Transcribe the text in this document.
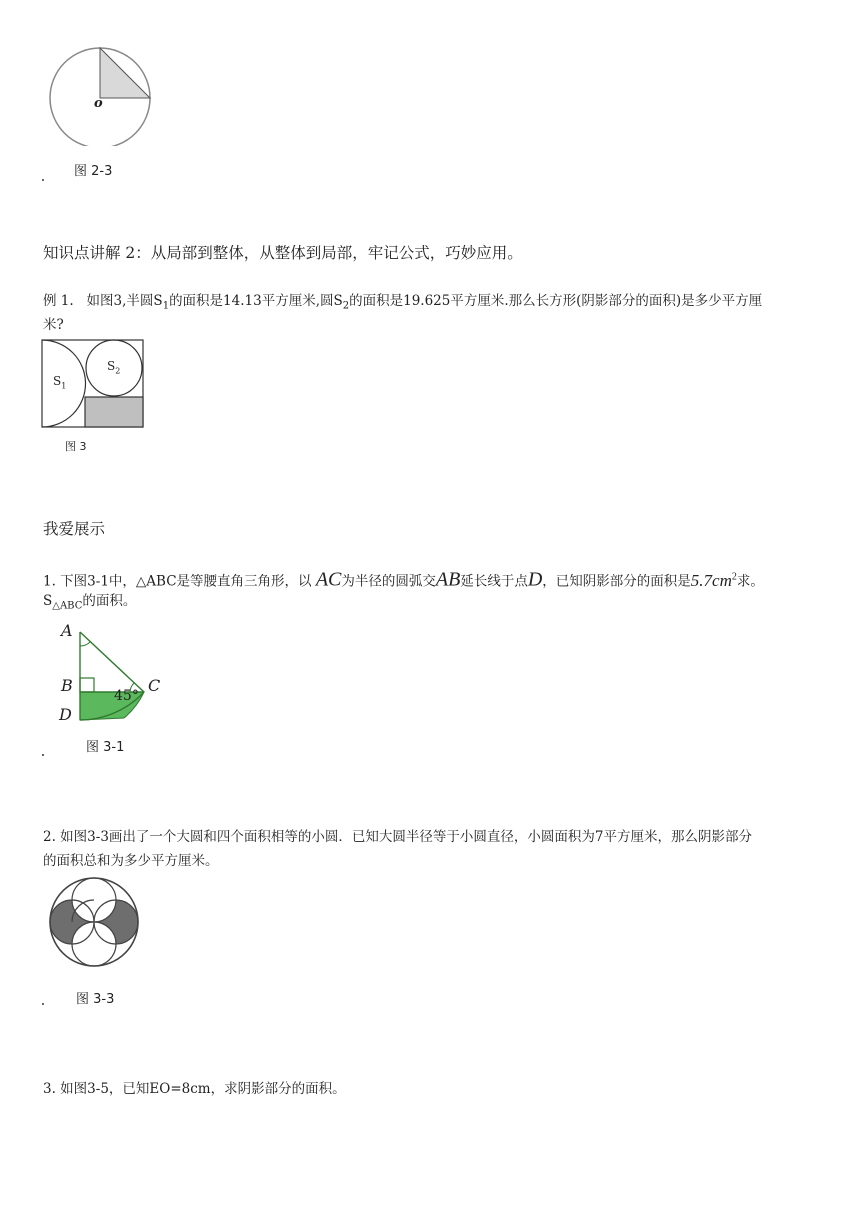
o
图 2-3
知识点讲解 2：从局部到整体，从整体到局部，牢记公式，巧妙应用。
例 1. 如图3,半圆$S_1$的面积是14.13平方厘米,圆$S_2$的面积是19.625平方厘米.那么长方形(阴影部分的面积)是多少平方厘
米?
$S_1$
$S_2$
图 3
我爱展示
1. 下图3-1中，△ABC是等腰直角三角形，以 AC为半径的圆弧交AB延长线于点D，已知阴影部分的面积是$5.7cm^2$求。
$S_{\triangle ABC}$的面积。
A
B	C
D
45°
图 3-1
2. 如图3-3画出了一个大圆和四个面积相等的小圆．已知大圆半径等于小圆直径，小圆面积为7平方厘米，那么阴影部分
的面积总和为多少平方厘米。
图 3-3
3. 如图3-5，已知EO=8cm，求阴影部分的面积。
